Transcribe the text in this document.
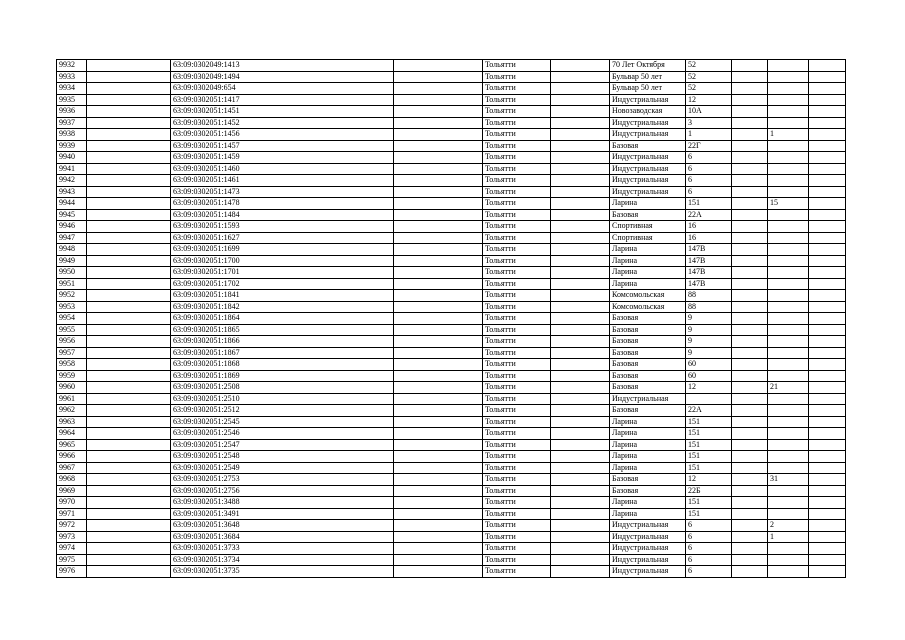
9932		63:09:0302049:1413		Тольятти		70 Лет Октября	52			
9933		63:09:0302049:1494		Тольятти		Бульвар 50 лет	52			
9934		63:09:0302049:654		Тольятти		Бульвар 50 лет	52			
9935		63:09:0302051:1417		Тольятти		Индустриальная	12			
9936		63:09:0302051:1451		Тольятти		Новозаводская	10А			
9937		63:09:0302051:1452		Тольятти		Индустриальная	3			
9938		63:09:0302051:1456		Тольятти		Индустриальная	1		1	
9939		63:09:0302051:1457		Тольятти		Базовая	22Г			
9940		63:09:0302051:1459		Тольятти		Индустриальная	6			
9941		63:09:0302051:1460		Тольятти		Индустриальная	6			
9942		63:09:0302051:1461		Тольятти		Индустриальная	6			
9943		63:09:0302051:1473		Тольятти		Индустриальная	6			
9944		63:09:0302051:1478		Тольятти		Ларина	151		15	
9945		63:09:0302051:1484		Тольятти		Базовая	22А			
9946		63:09:0302051:1593		Тольятти		Спортивная	16			
9947		63:09:0302051:1627		Тольятти		Спортивная	16			
9948		63:09:0302051:1699		Тольятти		Ларина	147В			
9949		63:09:0302051:1700		Тольятти		Ларина	147В			
9950		63:09:0302051:1701		Тольятти		Ларина	147В			
9951		63:09:0302051:1702		Тольятти		Ларина	147В			
9952		63:09:0302051:1841		Тольятти		Комсомольская	88			
9953		63:09:0302051:1842		Тольятти		Комсомольская	88			
9954		63:09:0302051:1864		Тольятти		Базовая	9			
9955		63:09:0302051:1865		Тольятти		Базовая	9			
9956		63:09:0302051:1866		Тольятти		Базовая	9			
9957		63:09:0302051:1867		Тольятти		Базовая	9			
9958		63:09:0302051:1868		Тольятти		Базовая	60			
9959		63:09:0302051:1869		Тольятти		Базовая	60			
9960		63:09:0302051:2508		Тольятти		Базовая	12		21	
9961		63:09:0302051:2510		Тольятти		Индустриальная				
9962		63:09:0302051:2512		Тольятти		Базовая	22А			
9963		63:09:0302051:2545		Тольятти		Ларина	151			
9964		63:09:0302051:2546		Тольятти		Ларина	151			
9965		63:09:0302051:2547		Тольятти		Ларина	151			
9966		63:09:0302051:2548		Тольятти		Ларина	151			
9967		63:09:0302051:2549		Тольятти		Ларина	151			
9968		63:09:0302051:2753		Тольятти		Базовая	12		31	
9969		63:09:0302051:2756		Тольятти		Базовая	22Б			
9970		63:09:0302051:3488		Тольятти		Ларина	151			
9971		63:09:0302051:3491		Тольятти		Ларина	151			
9972		63:09:0302051:3648		Тольятти		Индустриальная	6		2	
9973		63:09:0302051:3684		Тольятти		Индустриальная	6		1	
9974		63:09:0302051:3733		Тольятти		Индустриальная	6			
9975		63:09:0302051:3734		Тольятти		Индустриальная	6			
9976		63:09:0302051:3735		Тольятти		Индустриальная	6			
